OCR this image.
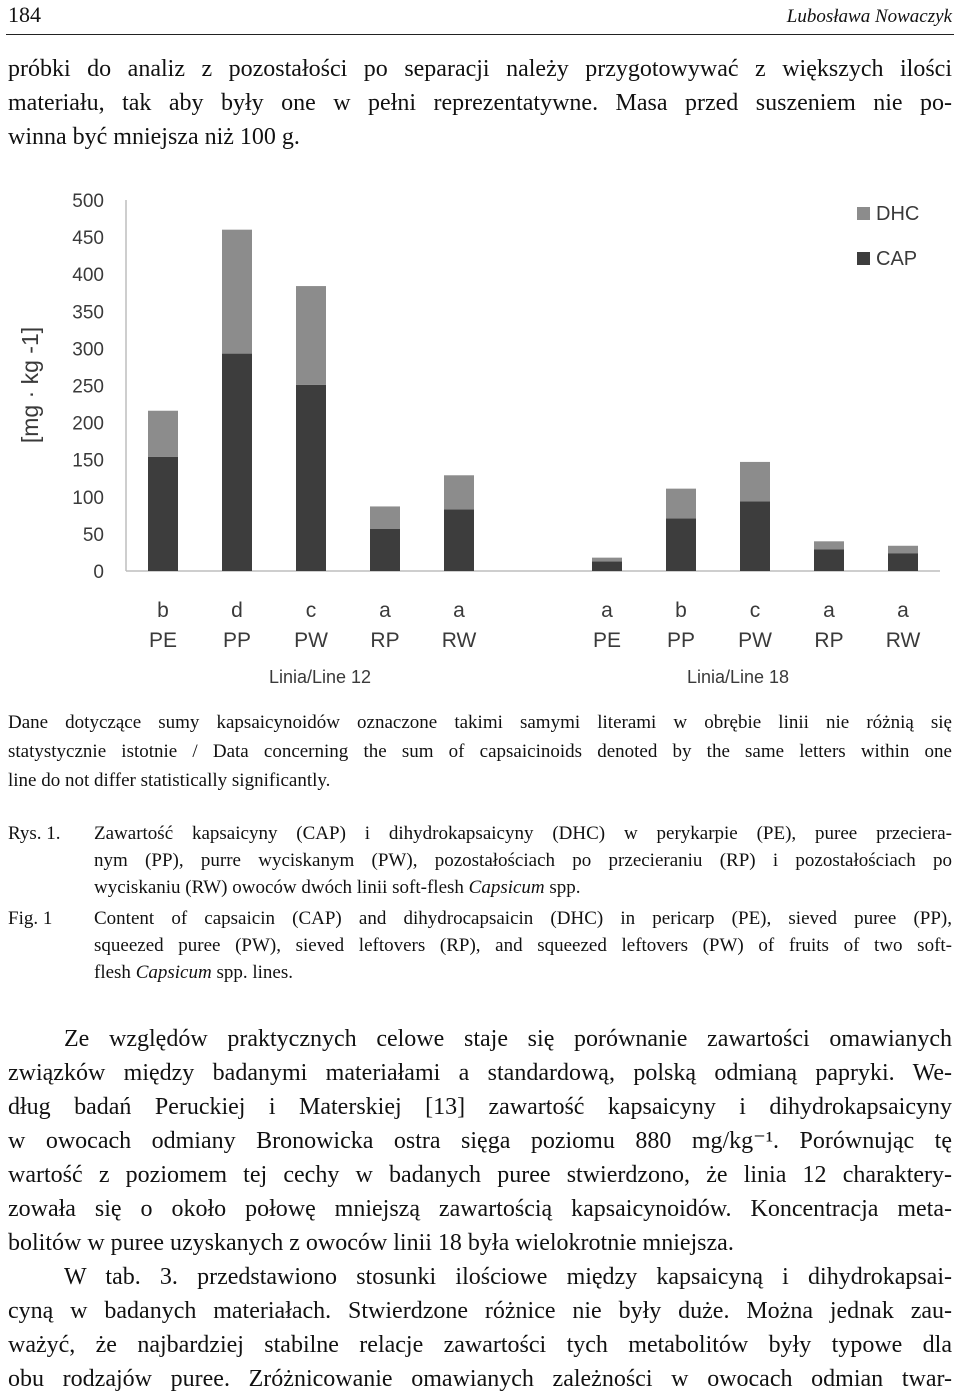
184	Lubosława Nowaczyk
próbki do analiz z pozostałości po separacji należy przygotowywać z większych ilości
materiału, tak aby były one w pełni reprezentatywne. Masa przed suszeniem nie po-
winna być mniejsza niż 100 g.
0
50
100
150
200
250
300
350
400
450
500
[mg · kg -1]
b
PE
d
PP
c
PW
a
RP
a
RW
a
PE
b
PP
c
PW
a
RP
a
RW
Linia/Line 12	Linia/Line 18
DHC
CAP
Dane dotyczące sumy kapsaicynoidów oznaczone takimi samymi literami w obrębie linii nie różnią się
statystycznie istotnie / Data concerning the sum of capsaicinoids denoted by the same letters within one
line do not differ statistically significantly.
Rys. 1. Zawartość kapsaicyny (CAP) i dihydrokapsaicyny (DHC) w perykarpie (PE), puree przeciera-
nym (PP), purre wyciskanym (PW), pozostałościach po przecieraniu (RP) i pozostałościach po
wyciskaniu (RW) owoców dwóch linii soft-flesh Capsicum spp.
Fig. 1 Content of capsaicin (CAP) and dihydrocapsaicin (DHC) in pericarp (PE), sieved puree (PP),
squeezed puree (PW), sieved leftovers (RP), and squeezed leftovers (PW) of fruits of two soft-
flesh Capsicum spp. lines.
Ze względów praktycznych celowe staje się porównanie zawartości omawianych
związków między badanymi materiałami a standardową, polską odmianą papryki. We-
dług badań Peruckiej i Materskiej [13] zawartość kapsaicyny i dihydrokapsaicyny
w owocach odmiany Bronowicka ostra sięga poziomu 880 mg/kg⁻¹. Porównując tę
wartość z poziomem tej cechy w badanych puree stwierdzono, że linia 12 charaktery-
zowała się o około połowę mniejszą zawartością kapsaicynoidów. Koncentracja meta-
bolitów w puree uzyskanych z owoców linii 18 była wielokrotnie mniejsza.
W tab. 3. przedstawiono stosunki ilościowe między kapsaicyną i dihydrokapsai-
cyną w badanych materiałach. Stwierdzone różnice nie były duże. Można jednak zau-
ważyć, że najbardziej stabilne relacje zawartości tych metabolitów były typowe dla
obu rodzajów puree. Zróżnicowanie omawianych zależności w owocach odmian twar-
